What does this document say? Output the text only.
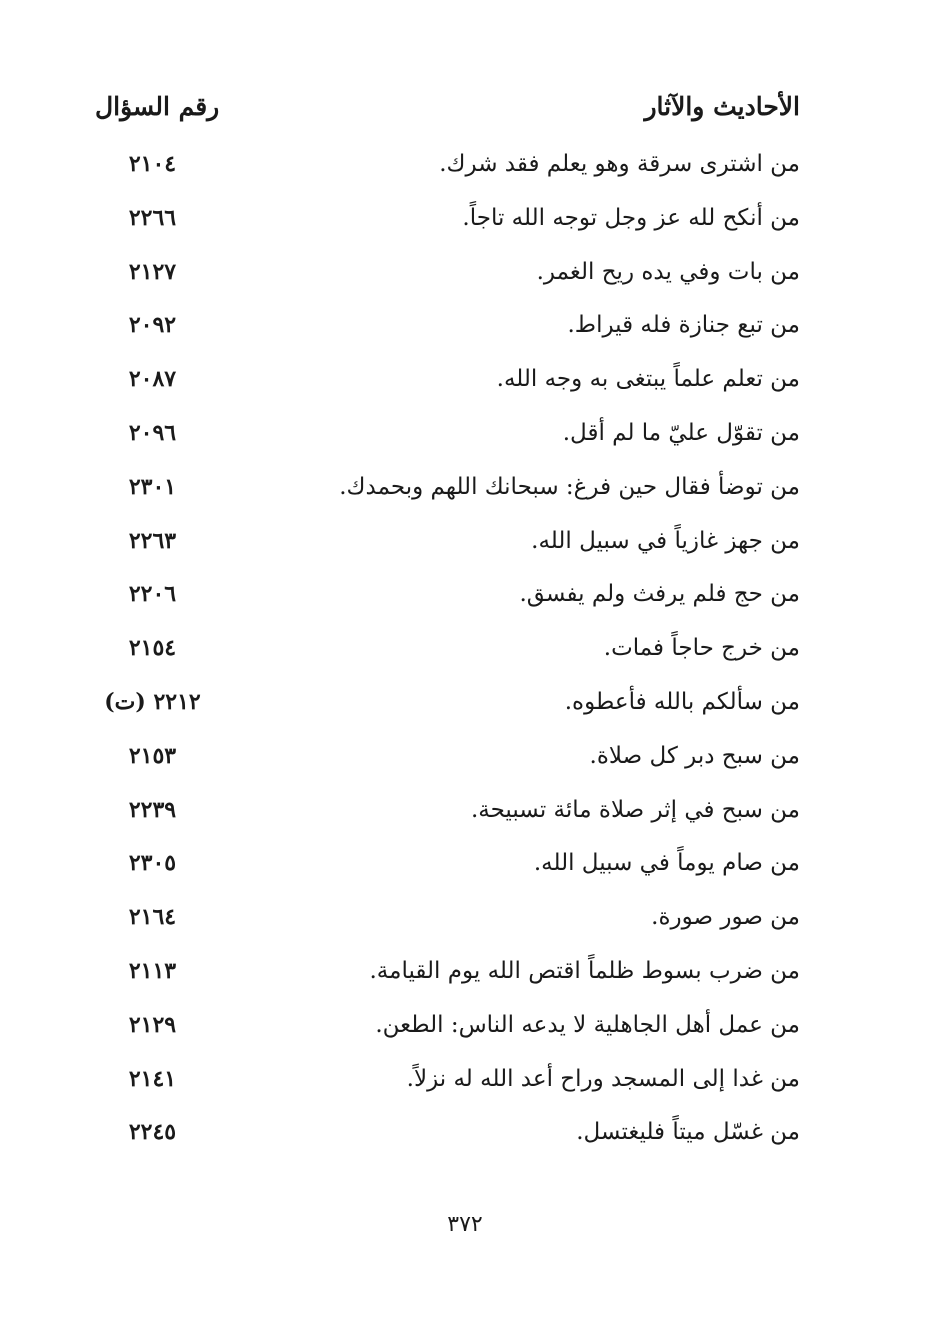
الأحاديث والآثار
رقم السؤال
من اشترى سرقة وهو يعلم فقد شرك.
٢١٠٤
من أنكح لله عز وجل توجه الله تاجاً.
٢٢٦٦
من بات وفي يده ريح الغمر.
٢١٢٧
من تبع جنازة فله قيراط.
٢٠٩٢
من تعلم علماً يبتغى به وجه الله.
٢٠٨٧
من تقوّل عليّ ما لم أقل.
٢٠٩٦
من توضأ فقال حين فرغ: سبحانك اللهم وبحمدك.
٢٣٠١
من جهز غازياً في سبيل الله.
٢٢٦٣
من حج فلم يرفث ولم يفسق.
٢٢٠٦
من خرج حاجاً فمات.
٢١٥٤
من سألكم بالله فأعطوه.
٢٢١٢ (ت)
من سبح دبر كل صلاة.
٢١٥٣
من سبح في إثر صلاة مائة تسبيحة.
٢٢٣٩
من صام يوماً في سبيل الله.
٢٣٠٥
من صور صورة.
٢١٦٤
من ضرب بسوط ظلماً اقتص الله يوم القيامة.
٢١١٣
من عمل أهل الجاهلية لا يدعه الناس: الطعن.
٢١٢٩
من غدا إلى المسجد وراح أعد الله له نزلاً.
٢١٤١
من غسّل ميتاً فليغتسل.
٢٢٤٥
٣٧٢
